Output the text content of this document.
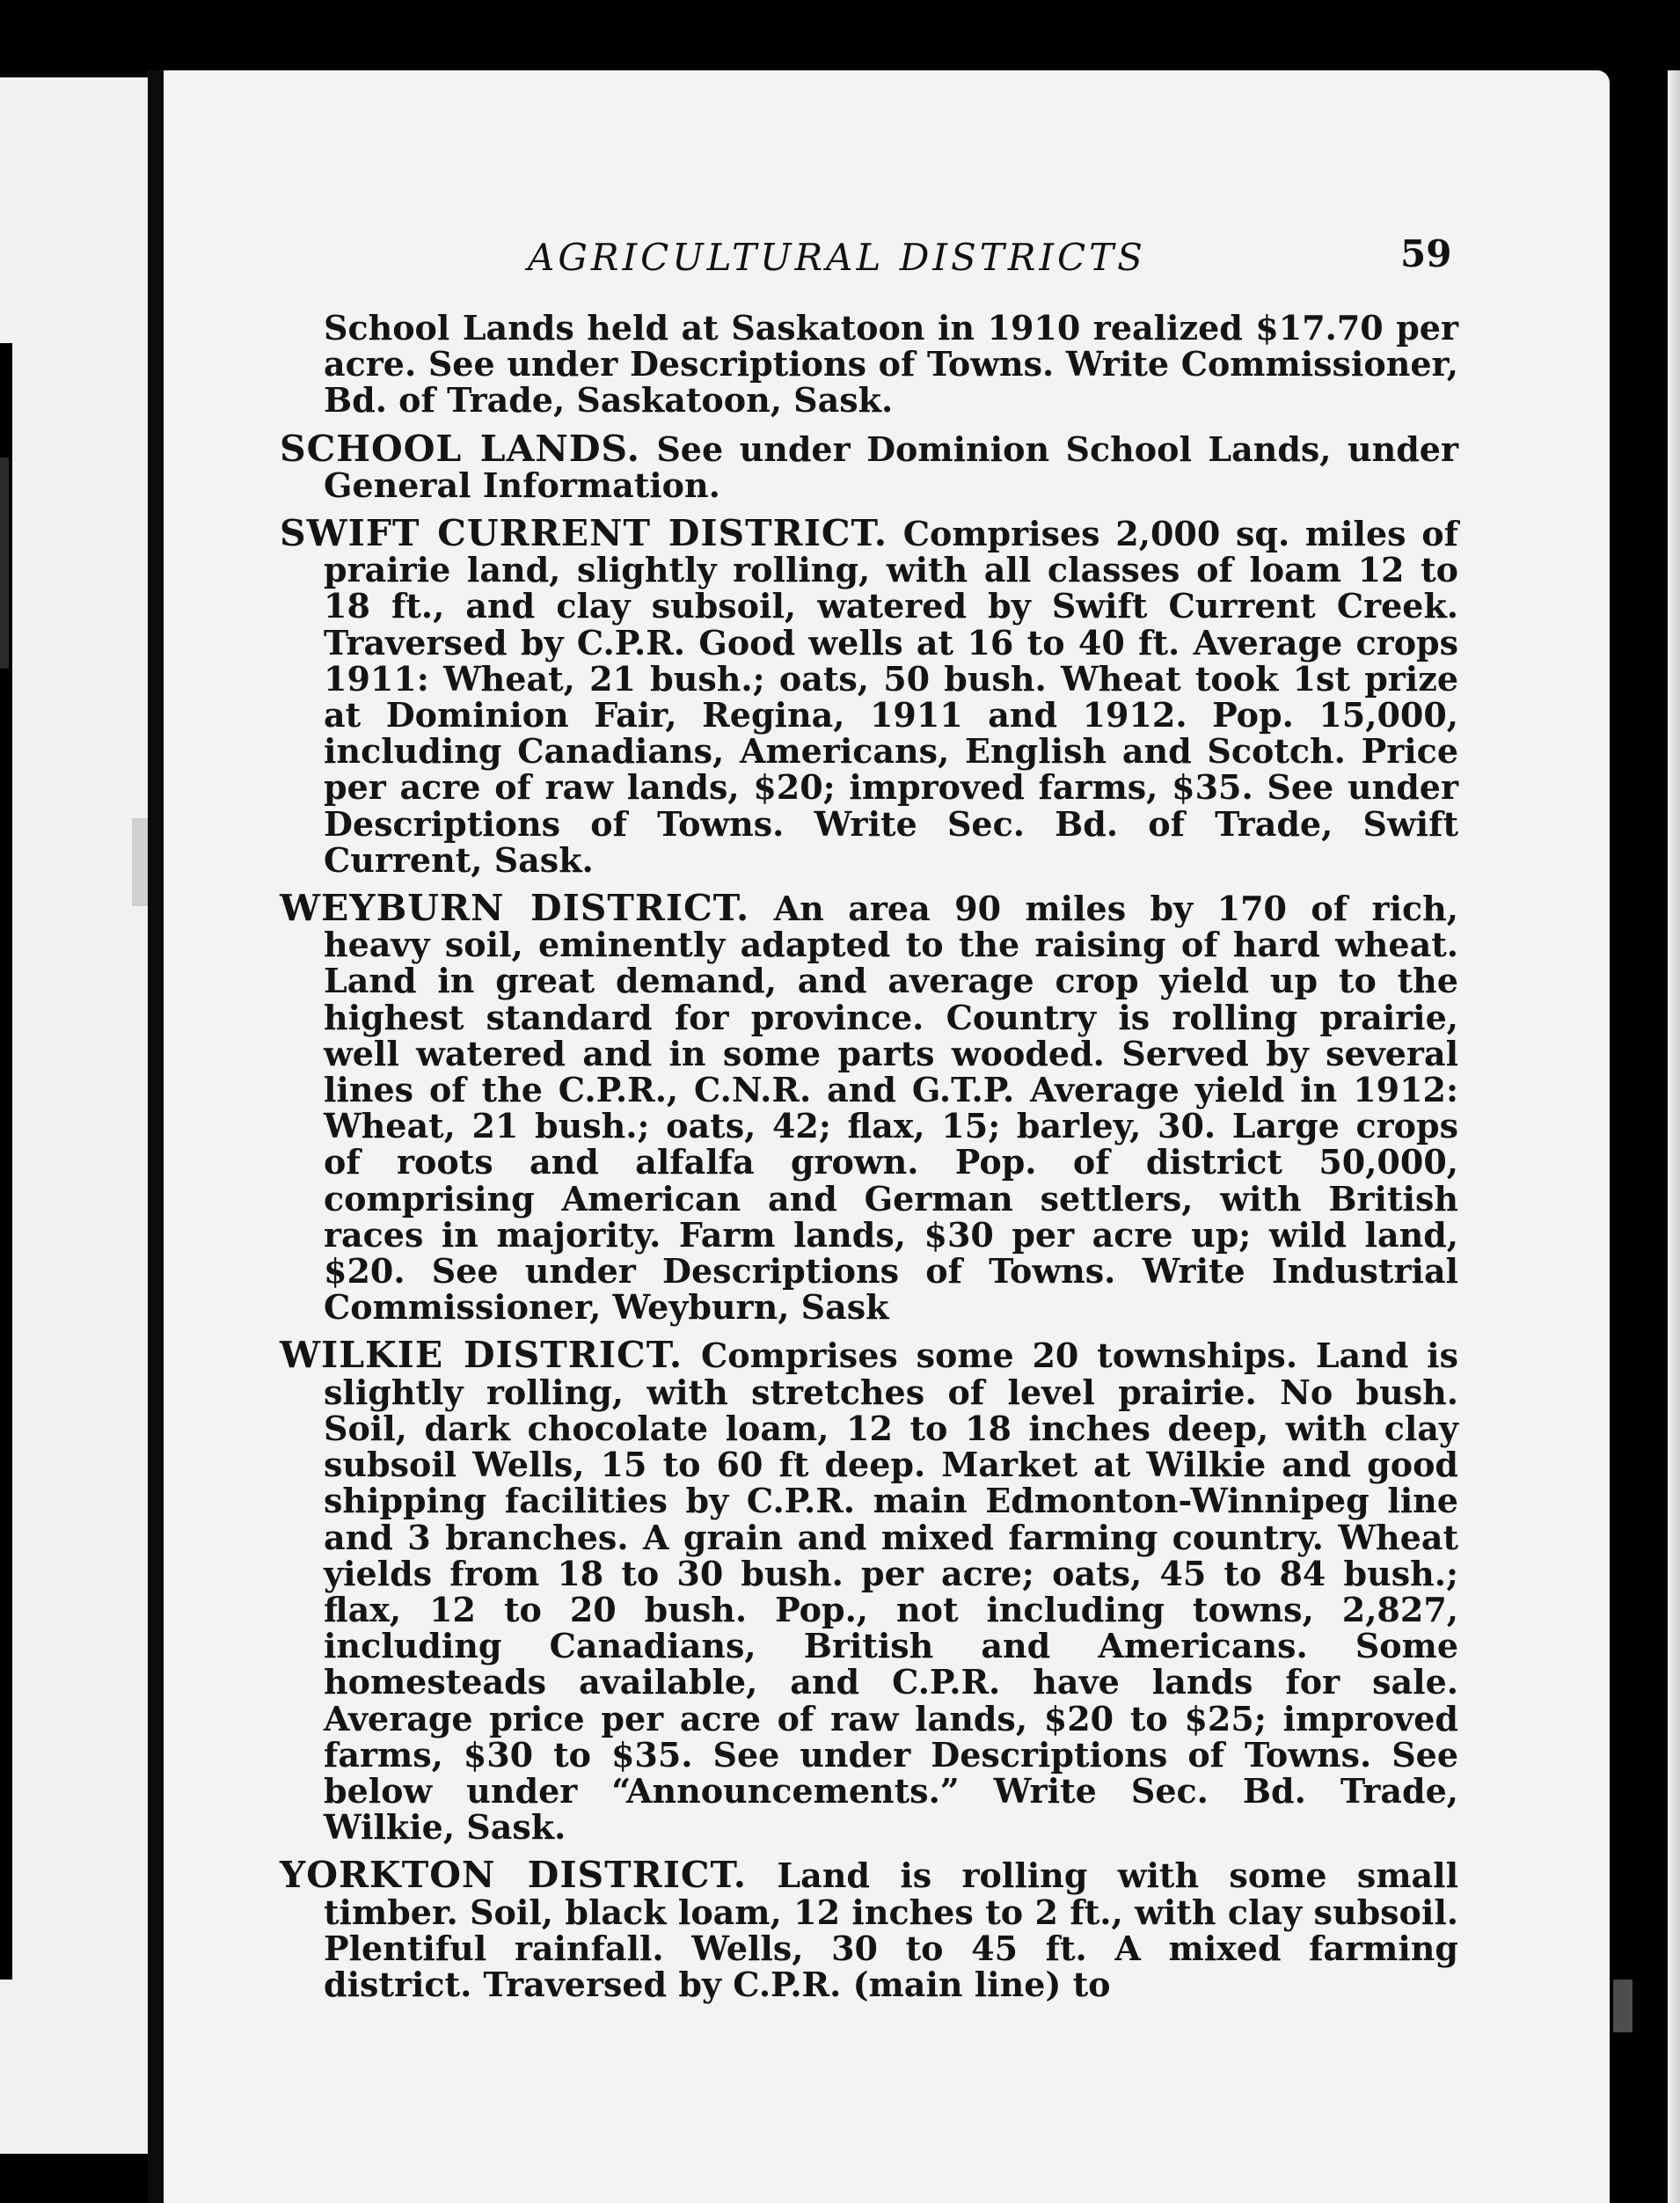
AGRICULTURAL DISTRICTS	59

School Lands held at Saskatoon in 1910 realized $17.70 per acre. See under Descriptions of Towns. Write Commissioner, Bd. of Trade, Saskatoon, Sask.

SCHOOL LANDS. See under Dominion School Lands, under General Information.

SWIFT CURRENT DISTRICT. Comprises 2,000 sq. miles of prairie land, slightly rolling, with all classes of loam 12 to 18 ft., and clay subsoil, watered by Swift Current Creek. Traversed by C.P.R. Good wells at 16 to 40 ft. Average crops 1911: Wheat, 21 bush.; oats, 50 bush. Wheat took 1st prize at Dominion Fair, Regina, 1911 and 1912. Pop. 15,000, including Canadians, Americans, English and Scotch. Price per acre of raw lands, $20; improved farms, $35. See under Descriptions of Towns. Write Sec. Bd. of Trade, Swift Current, Sask.

WEYBURN DISTRICT. An area 90 miles by 170 of rich, heavy soil, eminently adapted to the raising of hard wheat. Land in great demand, and average crop yield up to the highest standard for province. Country is rolling prairie, well watered and in some parts wooded. Served by several lines of the C.P.R., C.N.R. and G.T.P. Average yield in 1912: Wheat, 21 bush.; oats, 42; flax, 15; barley, 30. Large crops of roots and alfalfa grown. Pop. of district 50,000, comprising American and German settlers, with British races in majority. Farm lands, $30 per acre up; wild land, $20. See under Descriptions of Towns. Write Industrial Commissioner, Weyburn, Sask

WILKIE DISTRICT. Comprises some 20 townships. Land is slightly rolling, with stretches of level prairie. No bush. Soil, dark chocolate loam, 12 to 18 inches deep, with clay subsoil Wells, 15 to 60 ft deep. Market at Wilkie and good shipping facilities by C.P.R. main Edmonton-Winnipeg line and 3 branches. A grain and mixed farming country. Wheat yields from 18 to 30 bush. per acre; oats, 45 to 84 bush.; flax, 12 to 20 bush. Pop., not including towns, 2,827, including Canadians, British and Americans. Some homesteads available, and C.P.R. have lands for sale. Average price per acre of raw lands, $20 to $25; improved farms, $30 to $35. See under Descriptions of Towns. See below under “Announcements.” Write Sec. Bd. Trade, Wilkie, Sask.

YORKTON DISTRICT. Land is rolling with some small timber. Soil, black loam, 12 inches to 2 ft., with clay subsoil. Plentiful rainfall. Wells, 30 to 45 ft. A mixed farming district. Traversed by C.P.R. (main line) to
